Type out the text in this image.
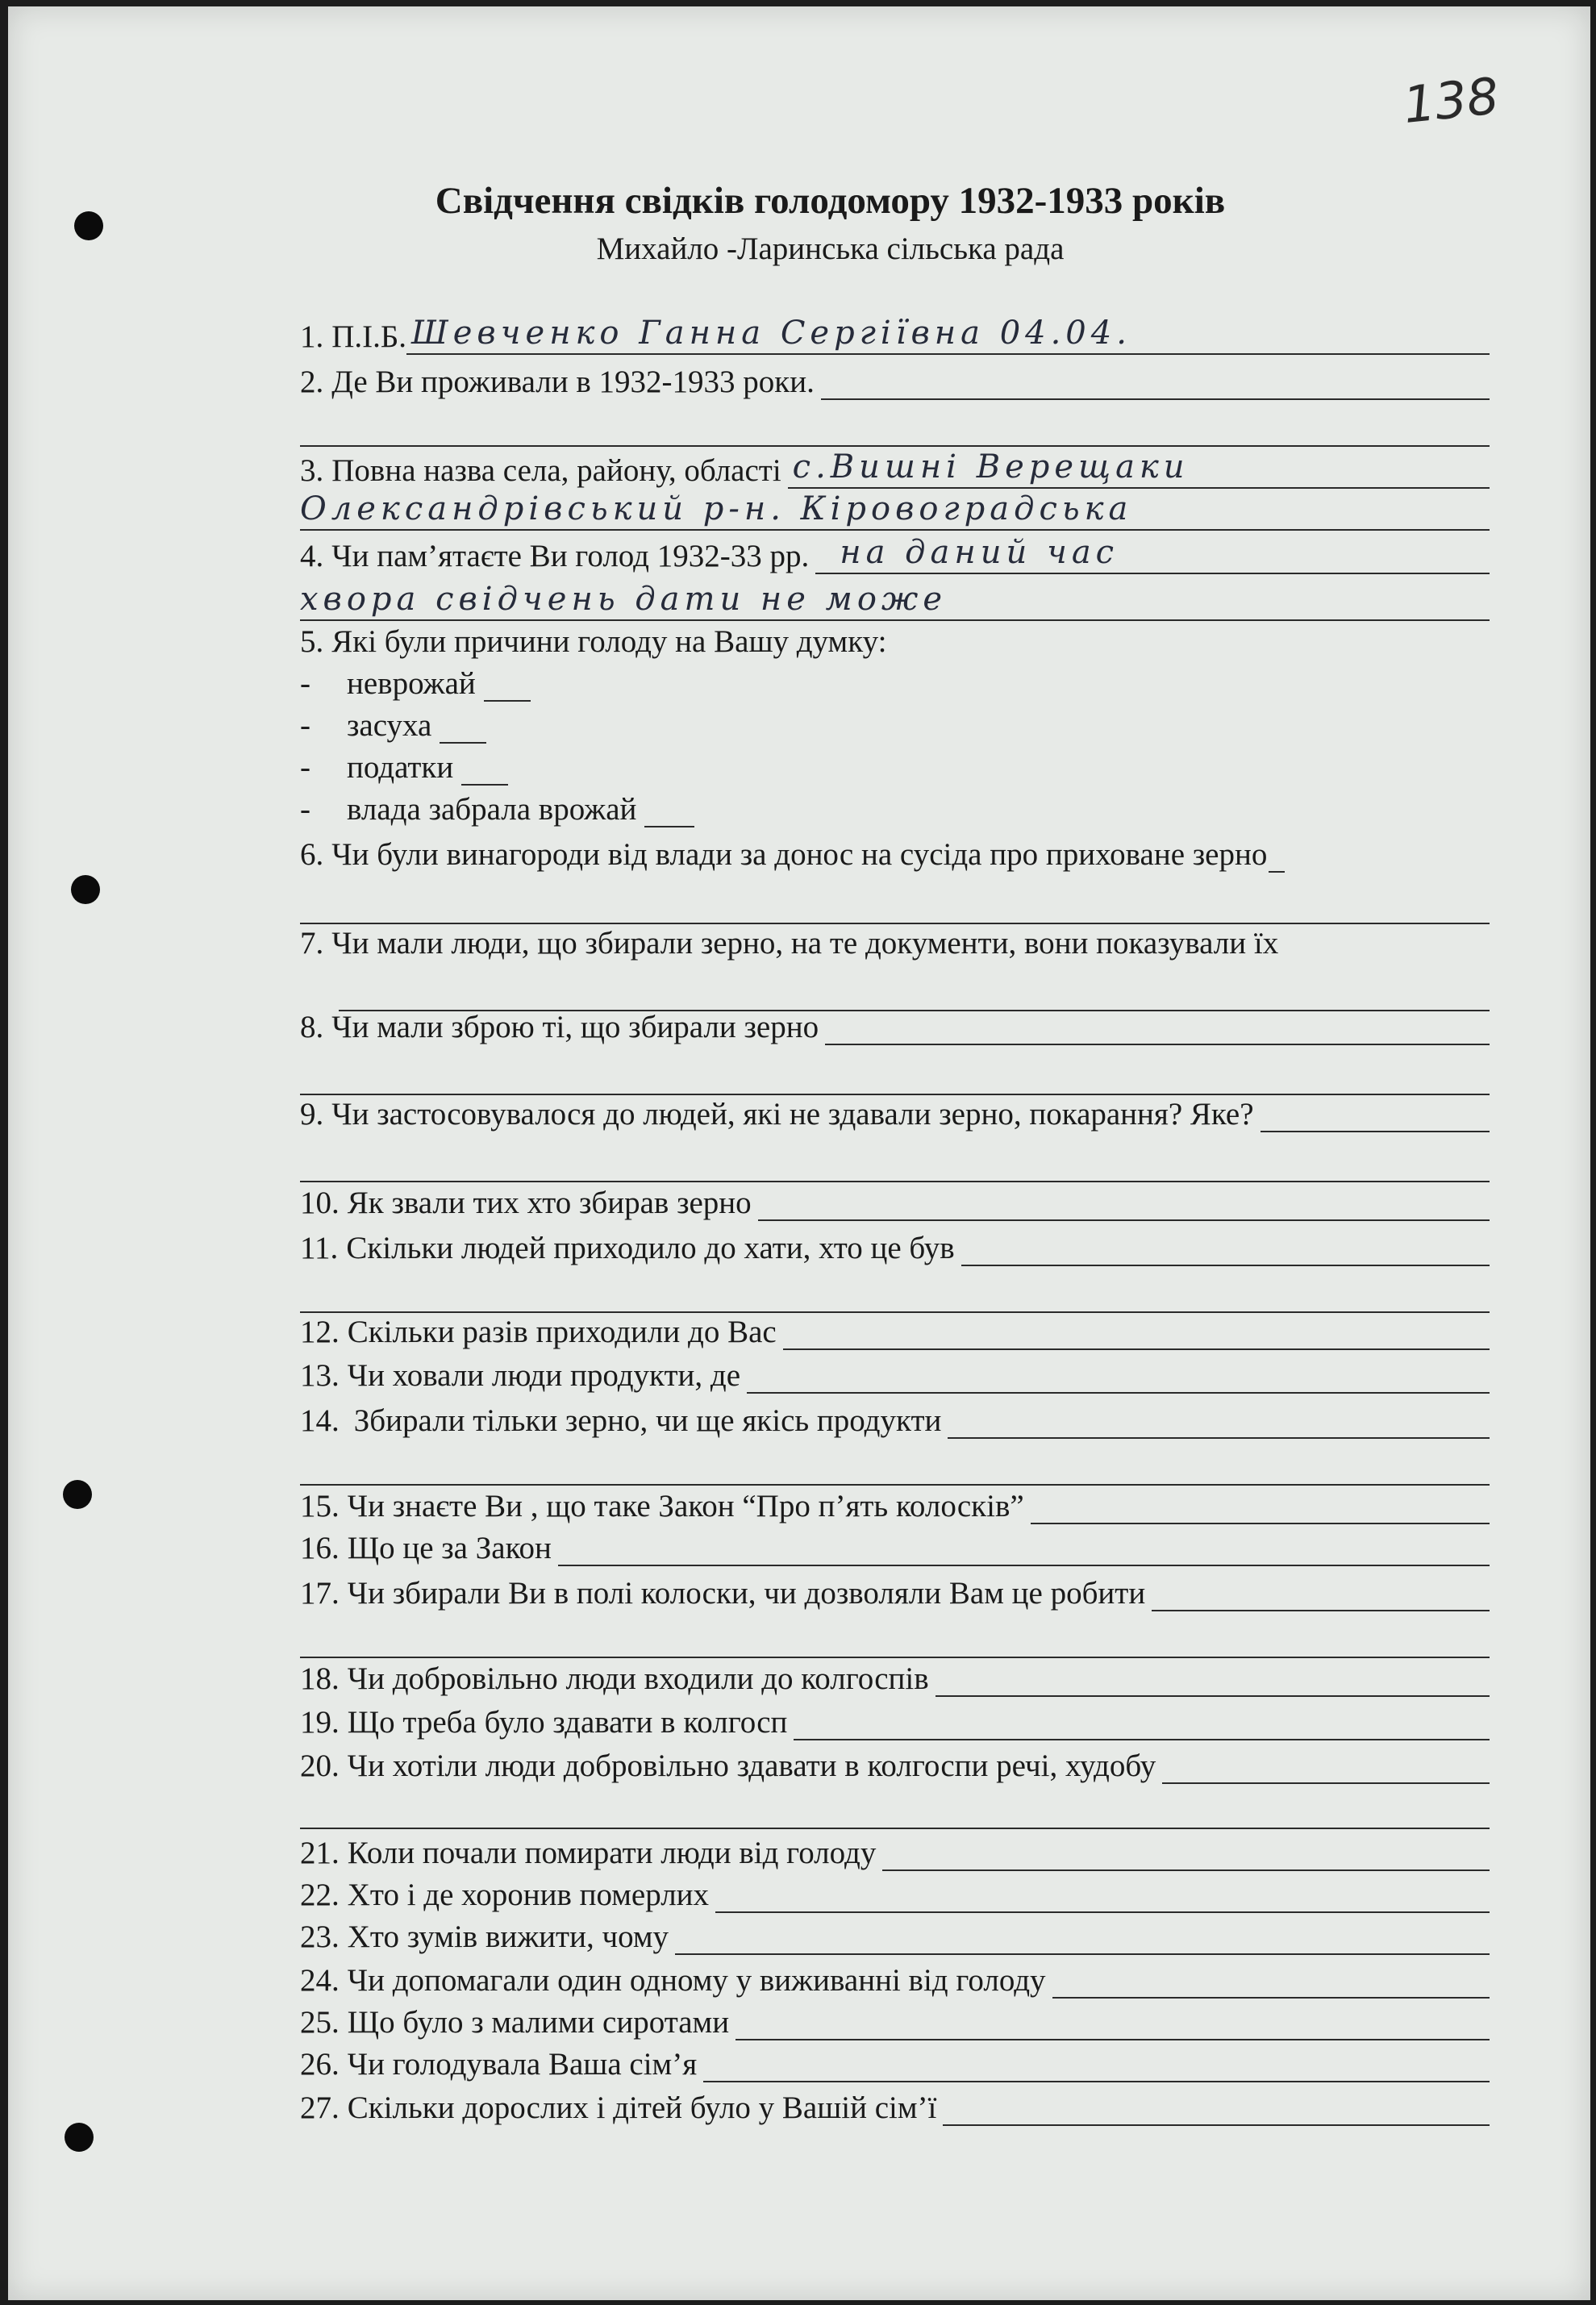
138
Свідчення свідків голодомору 1932-1933 років
Михайло -Ларинська сільська рада
1. П.І.Б. Шевченко Ганна Сергіївна 04.04.
2. Де Ви проживали в 1932-1933 роки.
3. Повна назва села, району, області с.Вишні Верещаки
Олександрівський р-н. Кіровоградська
4. Чи пам’ятаєте Ви голод 1932-33 рр. на даний час
хвора свідчень дати не може
5. Які були причини голоду на Вашу думку:
-	неврожай
-	засуха
-	податки
-	влада забрала врожай
6. Чи були винагороди від влади за донос на сусіда про приховане зерно
7. Чи мали люди, що збирали зерно, на те документи, вони показували їх
8. Чи мали зброю ті, що збирали зерно
9. Чи застосовувалося до людей, які не здавали зерно, покарання? Яке?
10. Як звали тих хто збирав зерно
11. Скільки людей приходило до хати, хто це був
12. Скільки разів приходили до Вас
13. Чи ховали люди продукти, де
14. Збирали тільки зерно, чи ще якісь продукти
15. Чи знаєте Ви , що таке Закон “Про п’ять колосків”
16. Що це за Закон
17. Чи збирали Ви в полі колоски, чи дозволяли Вам це робити
18. Чи добровільно люди входили до колгоспів
19. Що треба було здавати в колгосп
20. Чи хотіли люди добровільно здавати в колгоспи речі, худобу
21. Коли почали помирати люди від голоду
22. Хто і де хоронив померлих
23. Хто зумів вижити, чому
24. Чи допомагали один одному у виживанні від голоду
25. Що було з малими сиротами
26. Чи голодувала Ваша сім’я
27. Скільки дорослих і дітей було у Вашій сім’ї
